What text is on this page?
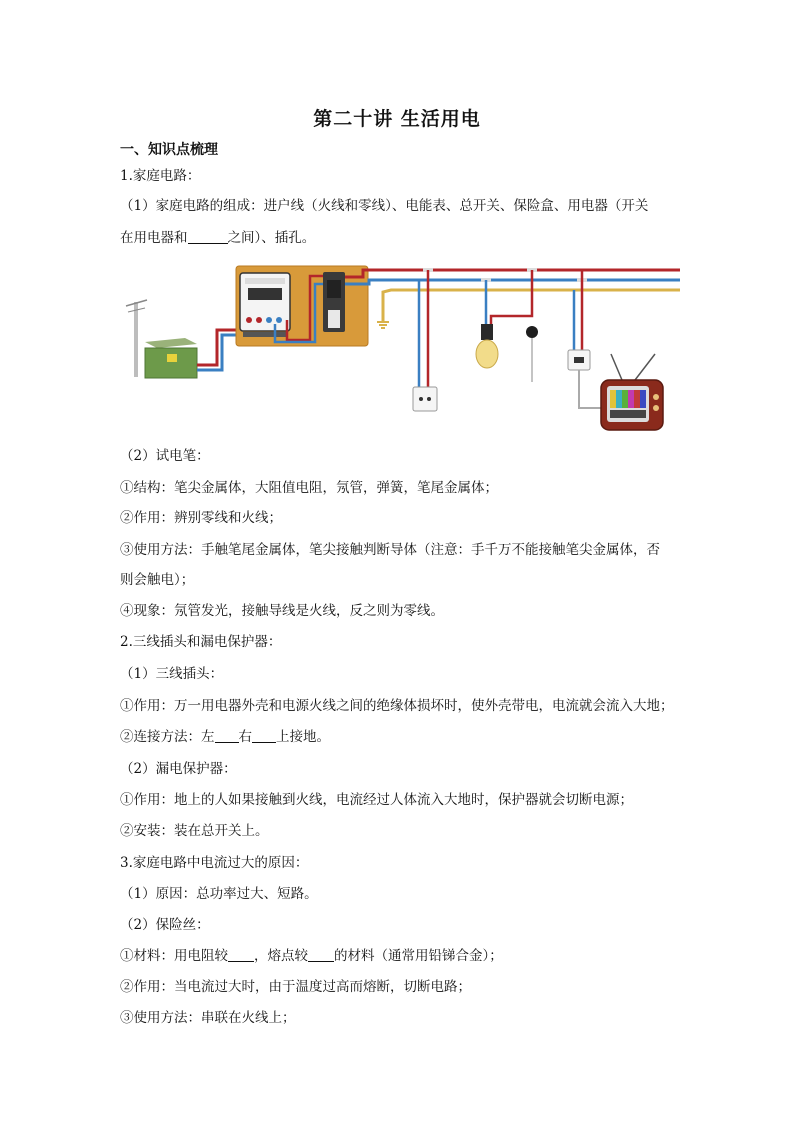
第二十讲 生活用电
一、知识点梳理
1.家庭电路：
（1）家庭电路的组成：进户线（火线和零线）、电能表、总开关、保险盒、用电器（开关
在用电器和	之间）、插孔。
（2）试电笔：
①结构：笔尖金属体，大阻值电阻，氖管，弹簧，笔尾金属体；
②作用：辨别零线和火线；
③使用方法：手触笔尾金属体，笔尖接触判断导体（注意：手千万不能接触笔尖金属体，否
则会触电）；
④现象：氖管发光，接触导线是火线，反之则为零线。
2.三线插头和漏电保护器：
（1）三线插头：
①作用：万一用电器外壳和电源火线之间的绝缘体损坏时，使外壳带电，电流就会流入大地；
②连接方法：左 右 上接地。
（2）漏电保护器：
①作用：地上的人如果接触到火线，电流经过人体流入大地时，保护器就会切断电源；
②安装：装在总开关上。
3.家庭电路中电流过大的原因：
（1）原因：总功率过大、短路。
（2）保险丝：
①材料：用电阻较 ，熔点较 的材料（通常用铅锑合金）；
②作用：当电流过大时，由于温度过高而熔断，切断电路；
③使用方法：串联在火线上；
